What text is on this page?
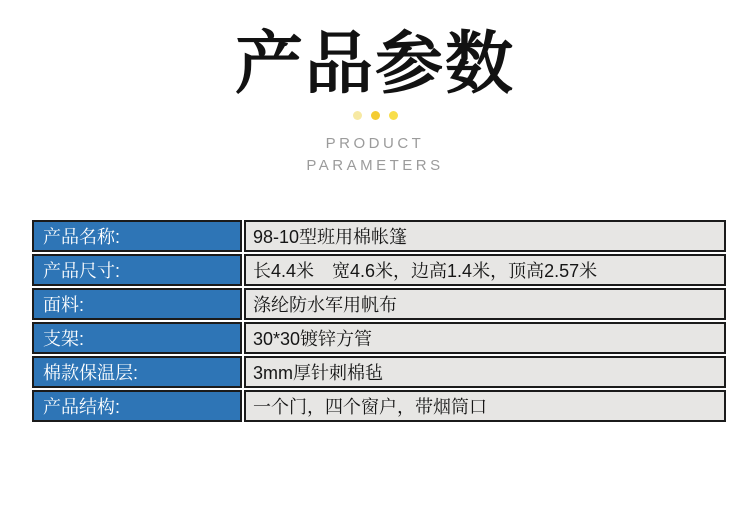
产品参数
PRODUCT
PARAMETERS
产品名称:	98-10型班用棉帐篷
产品尺寸:	长4.4米　宽4.6米，边高1.4米，顶高2.57米
面料:	涤纶防水军用帆布
支架:	30*30镀锌方管
棉款保温层:	3mm厚针刺棉毡
产品结构:	一个门，四个窗户，带烟筒口
